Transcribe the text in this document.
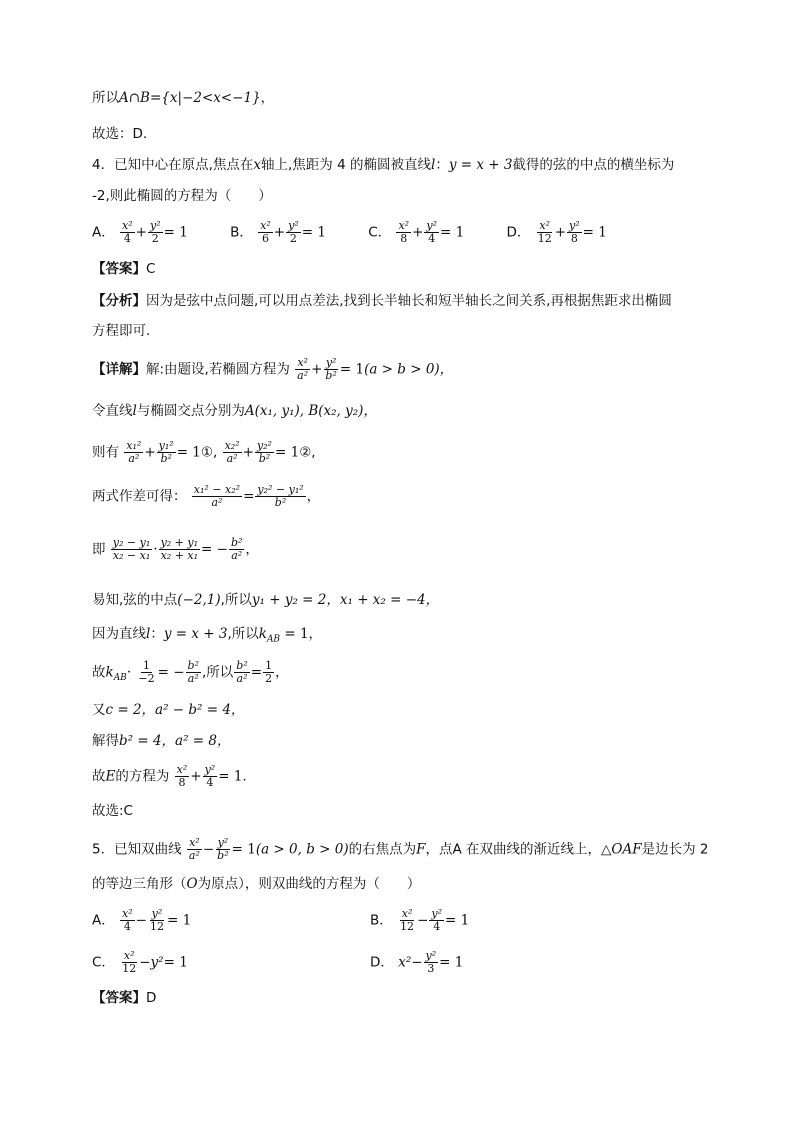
所以A∩B={x|−2<x<−1}，
故选：D.
4．已知中心在原点,焦点在x轴上,焦距为 4 的椭圆被直线l：y = x + 3截得的弦的中点的横坐标为
-2,则此椭圆的方程为（　　）
A． $\frac{\text{x²}}{4} + \frac{\text{y²}}{2} = 1$	B． $\frac{\text{x²}}{6} + \frac{\text{y²}}{2} = 1$	C． $\frac{\text{x²}}{8} + \frac{\text{y²}}{4} = 1$	D． $\frac{\text{x²}}{12} + \frac{\text{y²}}{8} = 1$
【答案】C
【分析】因为是弦中点问题,可以用点差法,找到长半轴长和短半轴长之间关系,再根据焦距求出椭圆
方程即可.
【详解】解:由题设,若椭圆方程为 $\frac{\text{x²}}{\text{a²}} + \frac{\text{y²}}{\text{b²}} = 1(a > b > 0)$，
令直线l与椭圆交点分别为A(x₁, y₁), B(x₂, y₂)，
则有 $\frac{\text{x₁²}}{\text{a²}} + \frac{\text{y₁²}}{\text{b²}}$ = 1①, $\frac{\text{x₂²}}{\text{a²}} + \frac{\text{y₂²}}{\text{b²}}$ = 1②,
两式作差可得： $\frac{\text{x₁² − x₂²}}{\text{a²}} = \frac{\text{y₂² − y₁²}}{\text{b²}}$ ，
即 $\frac{\text{y₂ − y₁}}{\text{x₂ − x₁}} \cdot \frac{\text{y₂ + y₁}}{\text{x₂ + x₁}}$ = − $\frac{\text{b²}}{\text{a²}}$ ，
易知,弦的中点(−2,1),所以y₁ + y₂ = 2，x₁ + x₂ = −4，
因为直线l：y = x + 3,所以$k_{AB} = 1$，
故$k_{AB}\cdot \frac{1}{-2}$ = − $\frac{\text{b²}}{\text{a²}}$ ,所以 $\frac{\text{b²}}{\text{a²}} = \frac{1}{2}$ ，
又c = 2，a² − b² = 4，
解得b² = 4，a² = 8，
故E的方程为 $\frac{\text{x²}}{8} + \frac{\text{y²}}{4} = 1$.
故选:C
5．已知双曲线 $\frac{\text{x²}}{\text{a²}} - \frac{\text{y²}}{\text{b²}} = 1(a > 0$, b > 0)的右焦点为F，点A 在双曲线的渐近线上，△OAF是边长为 2
的等边三角形（O为原点），则双曲线的方程为（　　）
A． $\frac{\text{x²}}{4} - \frac{\text{y²}}{12} = 1$	B． $\frac{\text{x²}}{12} - \frac{\text{y²}}{4} = 1$
C． $\frac{\text{x²}}{12} -y^2= 1$	D． $x^2- \frac{\text{y²}}{3} = 1$
【答案】D
